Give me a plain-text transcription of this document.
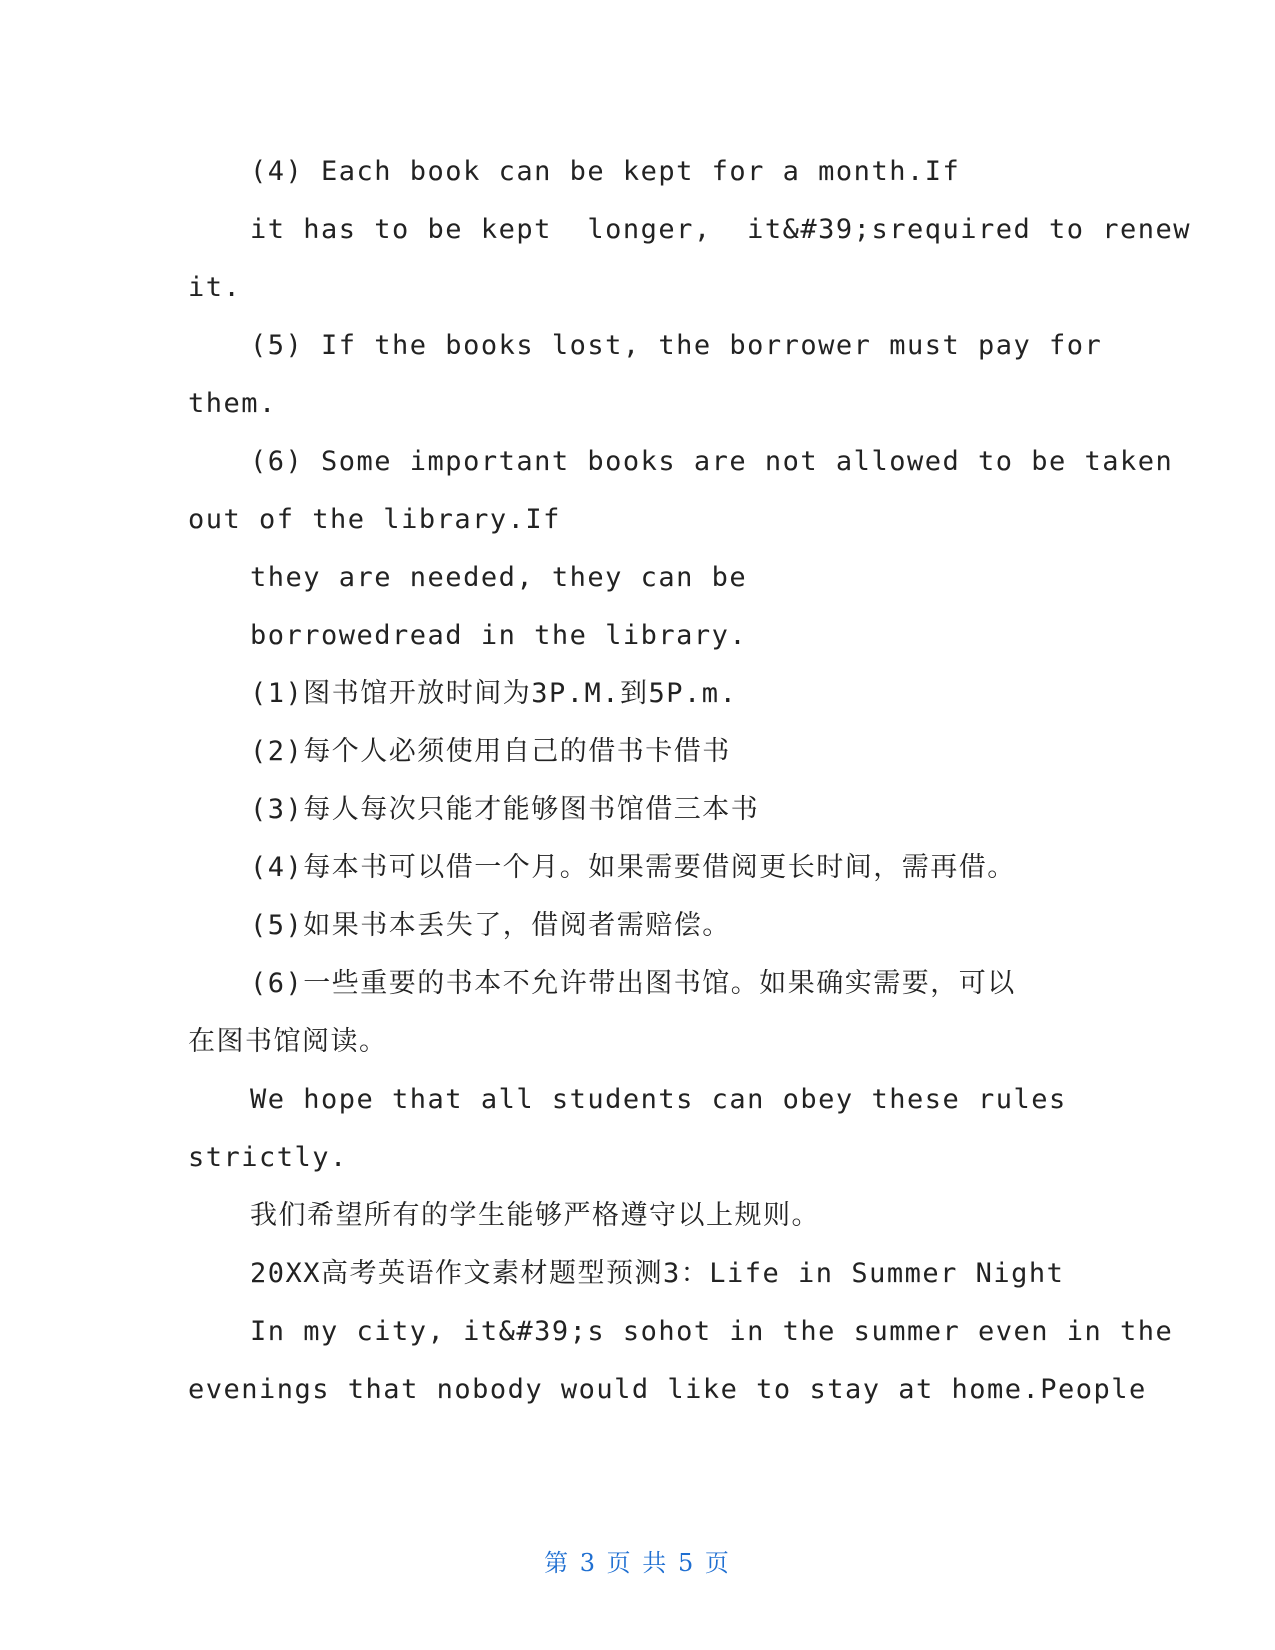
(4) Each book can be kept for a month.If
it has to be kept  longer,  it&#39;srequired to renew
it.
(5) If the books lost, the borrower must pay for
them.
(6) Some important books are not allowed to be taken
out of the library.If
they are needed, they can be
borrowedread in the library.
(1)图书馆开放时间为3P.M.到5P.m.
(2)每个人必须使用自己的借书卡借书
(3)每人每次只能才能够图书馆借三本书
(4)每本书可以借一个月。如果需要借阅更长时间，需再借。
(5)如果书本丢失了，借阅者需赔偿。
(6)一些重要的书本不允许带出图书馆。如果确实需要，可以
在图书馆阅读。
We hope that all students can obey these rules
strictly.
我们希望所有的学生能够严格遵守以上规则。
20XX高考英语作文素材题型预测3：Life in Summer Night
In my city, it&#39;s sohot in the summer even in the
evenings that nobody would like to stay at home.People
第 3 页 共 5 页
